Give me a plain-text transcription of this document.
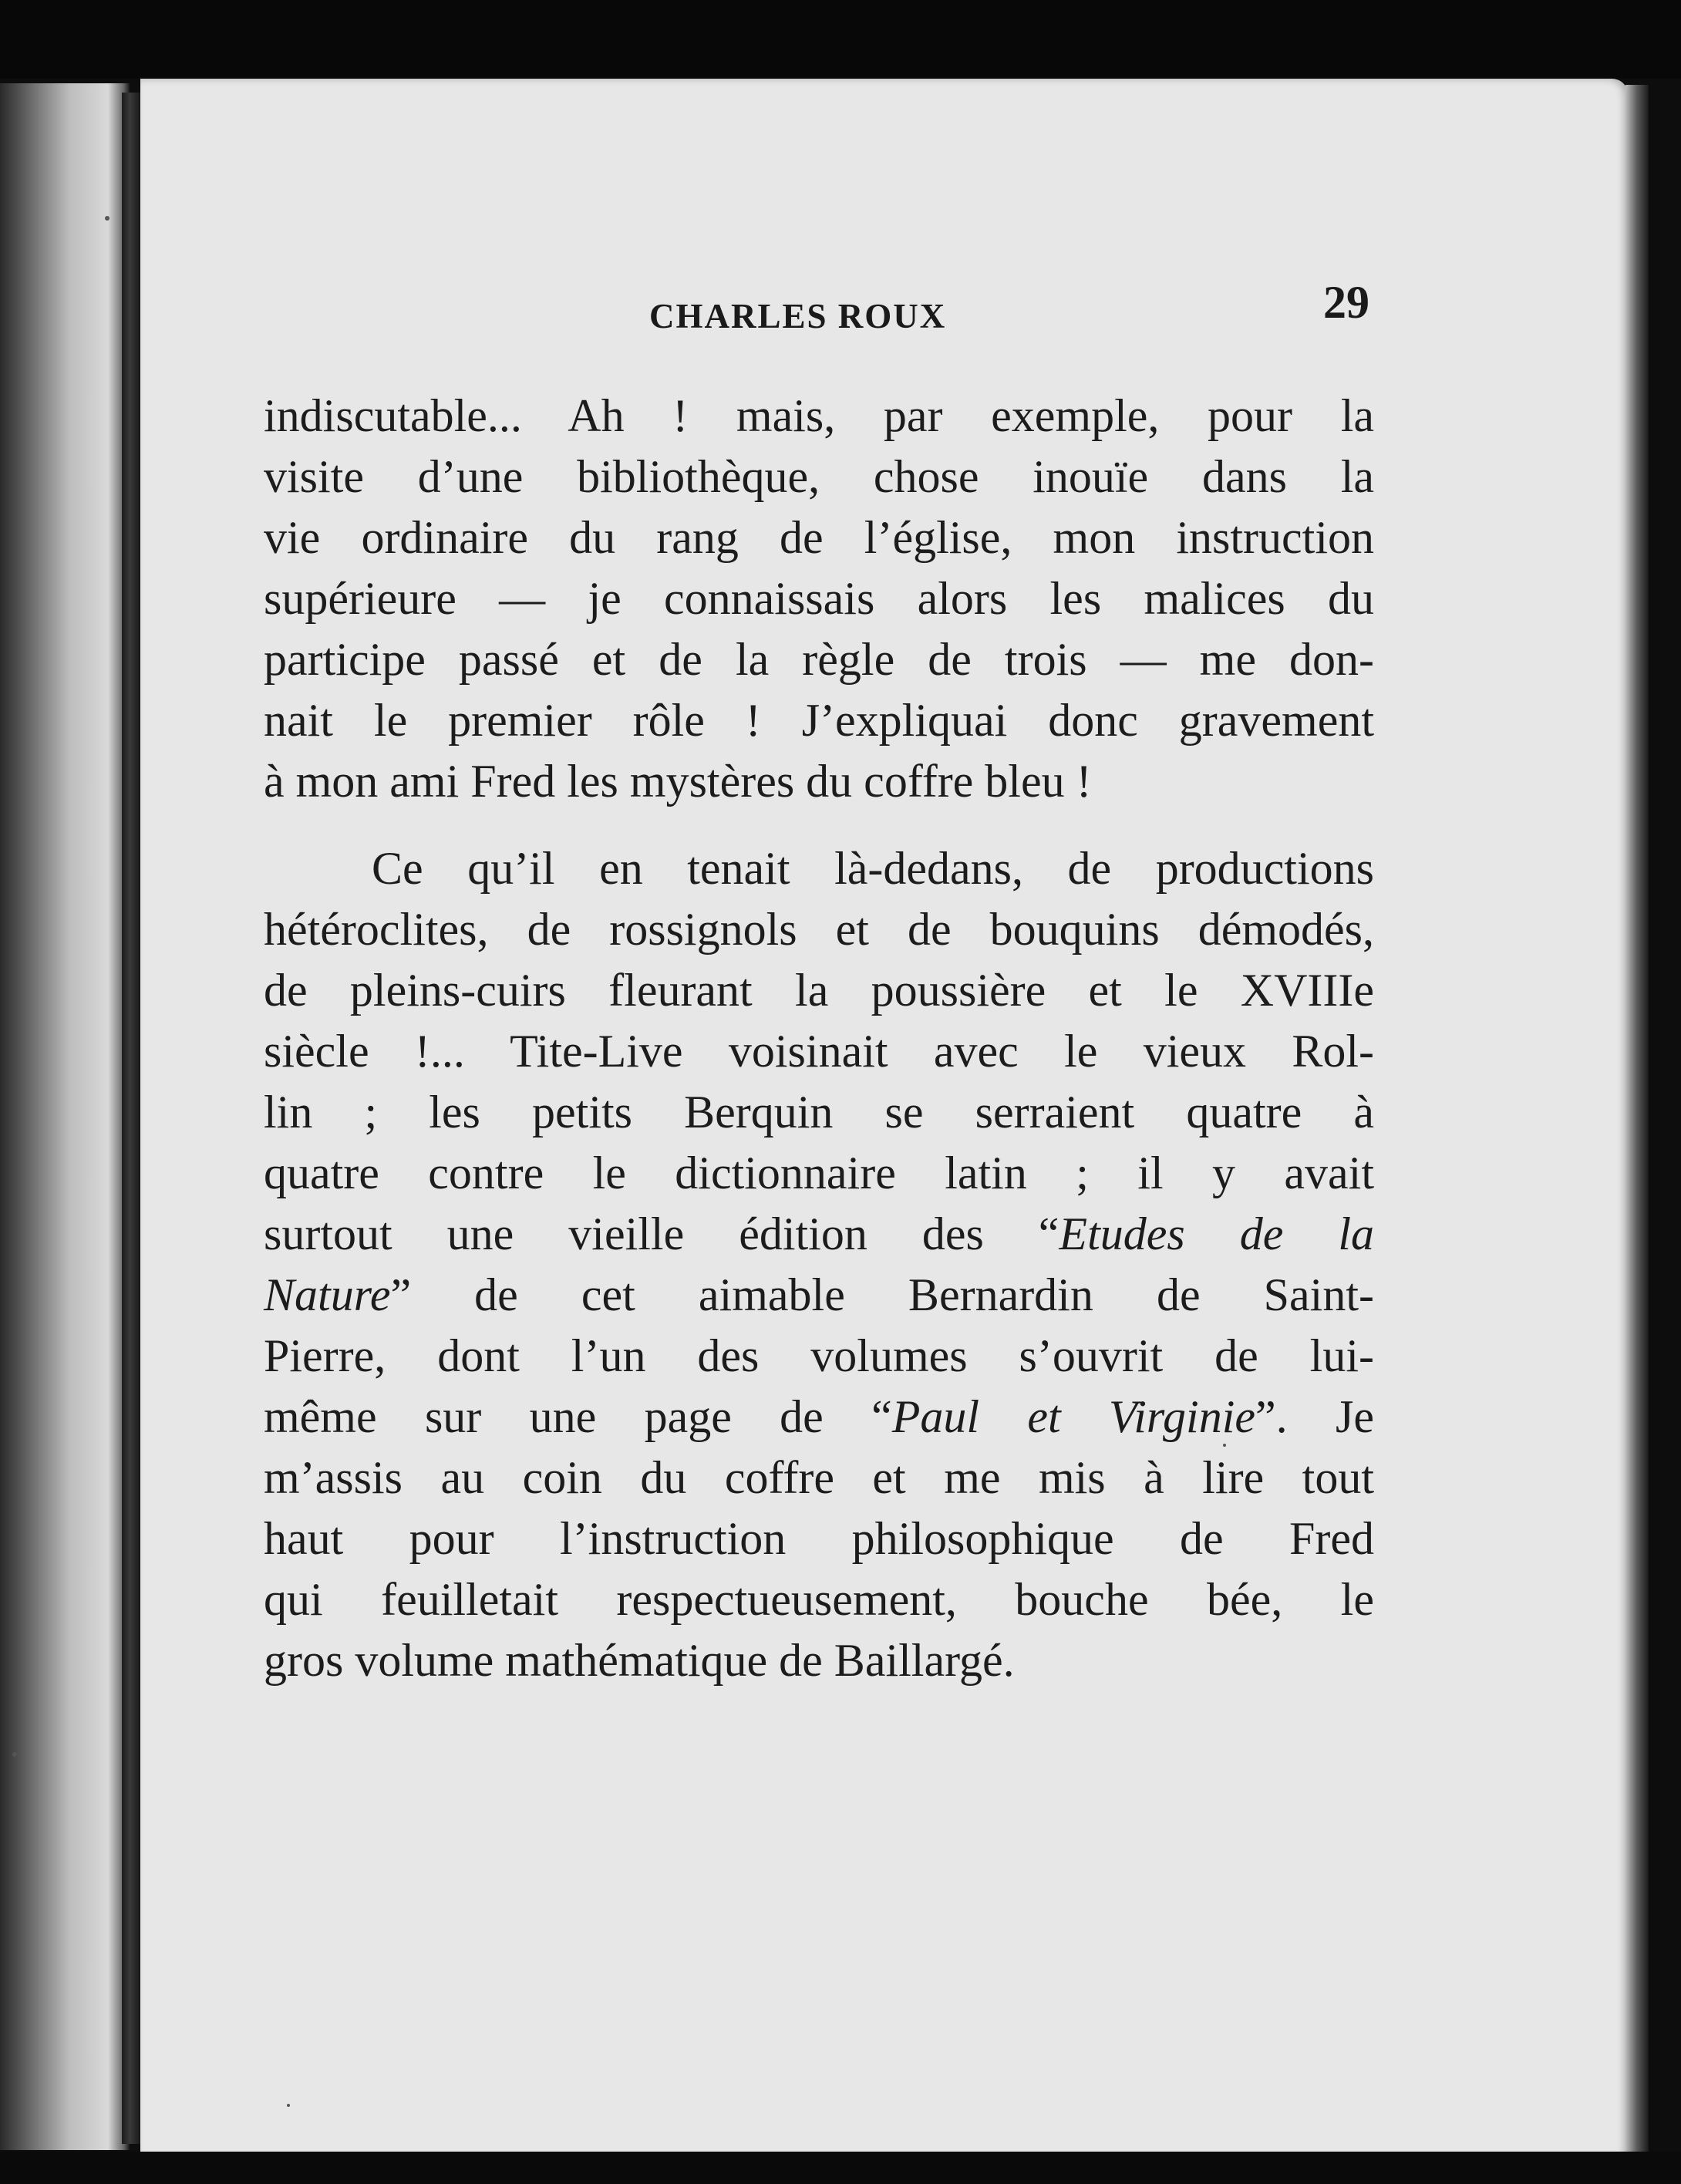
CHARLES ROUX	29
indiscutable... Ah ! mais, par exemple, pour la
visite d’une bibliothèque, chose inouïe dans la
vie ordinaire du rang de l’église, mon instruction
supérieure — je connaissais alors les malices du
participe passé et de la règle de trois — me don-
nait le premier rôle ! J’expliquai donc gravement
à mon ami Fred les mystères du coffre bleu !
Ce qu’il en tenait là-dedans, de productions
hétéroclites, de rossignols et de bouquins démodés,
de pleins-cuirs fleurant la poussière et le XVIIIe
siècle !... Tite-Live voisinait avec le vieux Rol-
lin ; les petits Berquin se serraient quatre à
quatre contre le dictionnaire latin ; il y avait
surtout une vieille édition des “Etudes de la
Nature” de cet aimable Bernardin de Saint-
Pierre, dont l’un des volumes s’ouvrit de lui-
même sur une page de “Paul et Virginie”. Je
m’assis au coin du coffre et me mis à lire tout
haut pour l’instruction philosophique de Fred
qui feuilletait respectueusement, bouche bée, le
gros volume mathématique de Baillargé.
